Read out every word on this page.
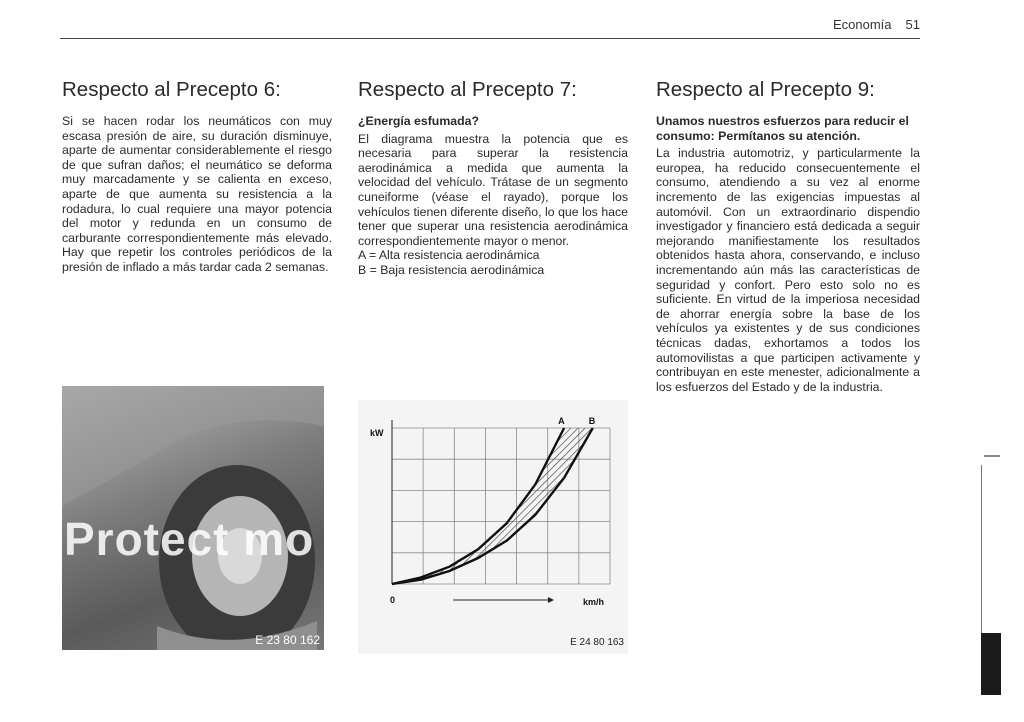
Economía 51
Respecto al Precepto 6:

Si se hacen rodar los neumáticos con muy escasa presión de aire, su duración disminuye, aparte de aumentar considerablemente el riesgo de que sufran daños; el neumático se deforma muy marcadamente y se calienta en exceso, aparte de que aumenta su resistencia a la rodadura, lo cual requiere una mayor potencia del motor y redunda en un consumo de carburante correspondientemente más elevado. Hay que repetir los controles periódicos de la presión de inflado a más tardar cada 2 semanas.

Respecto al Precepto 7:

¿Energía esfumada?

El diagrama muestra la potencia que es necesaria para superar la resistencia aerodinámica a medida que aumenta la velocidad del vehículo. Trátase de un segmento cuneiforme (véase el rayado), porque los vehículos tienen diferente diseño, lo que los hace tener que superar una resistencia aerodinámica correspondientemente mayor o menor.

A = Alta resistencia aerodinámica
B = Baja resistencia aerodinámica
Respecto al Precepto 9:

Unamos nuestros esfuerzos para reducir el consumo: Permítanos su atención.

La industria automotriz, y particularmente la europea, ha reducido consecuentemente el consumo, atendiendo a su vez al enorme incremento de las exigencias impuestas al automóvil. Con un extraordinario dispendio investigador y financiero está dedicada a seguir mejorando manifiestamente los resultados obtenidos hasta ahora, conservando, e incluso incrementando aún más las características de seguridad y confort. Pero esto solo no es suficiente. En virtud de la imperiosa necesidad de ahorrar energía sobre la base de los vehículos ya existentes y de sus condiciones técnicas dadas, exhortamos a todos los automovilistas a que participen activamente y contribuyan en este menester, adicionalmente a los esfuerzos del Estado y de la industria.

Protect mo
E 23 80 162
A	B
kW
0	km/h
E 24 80 163
